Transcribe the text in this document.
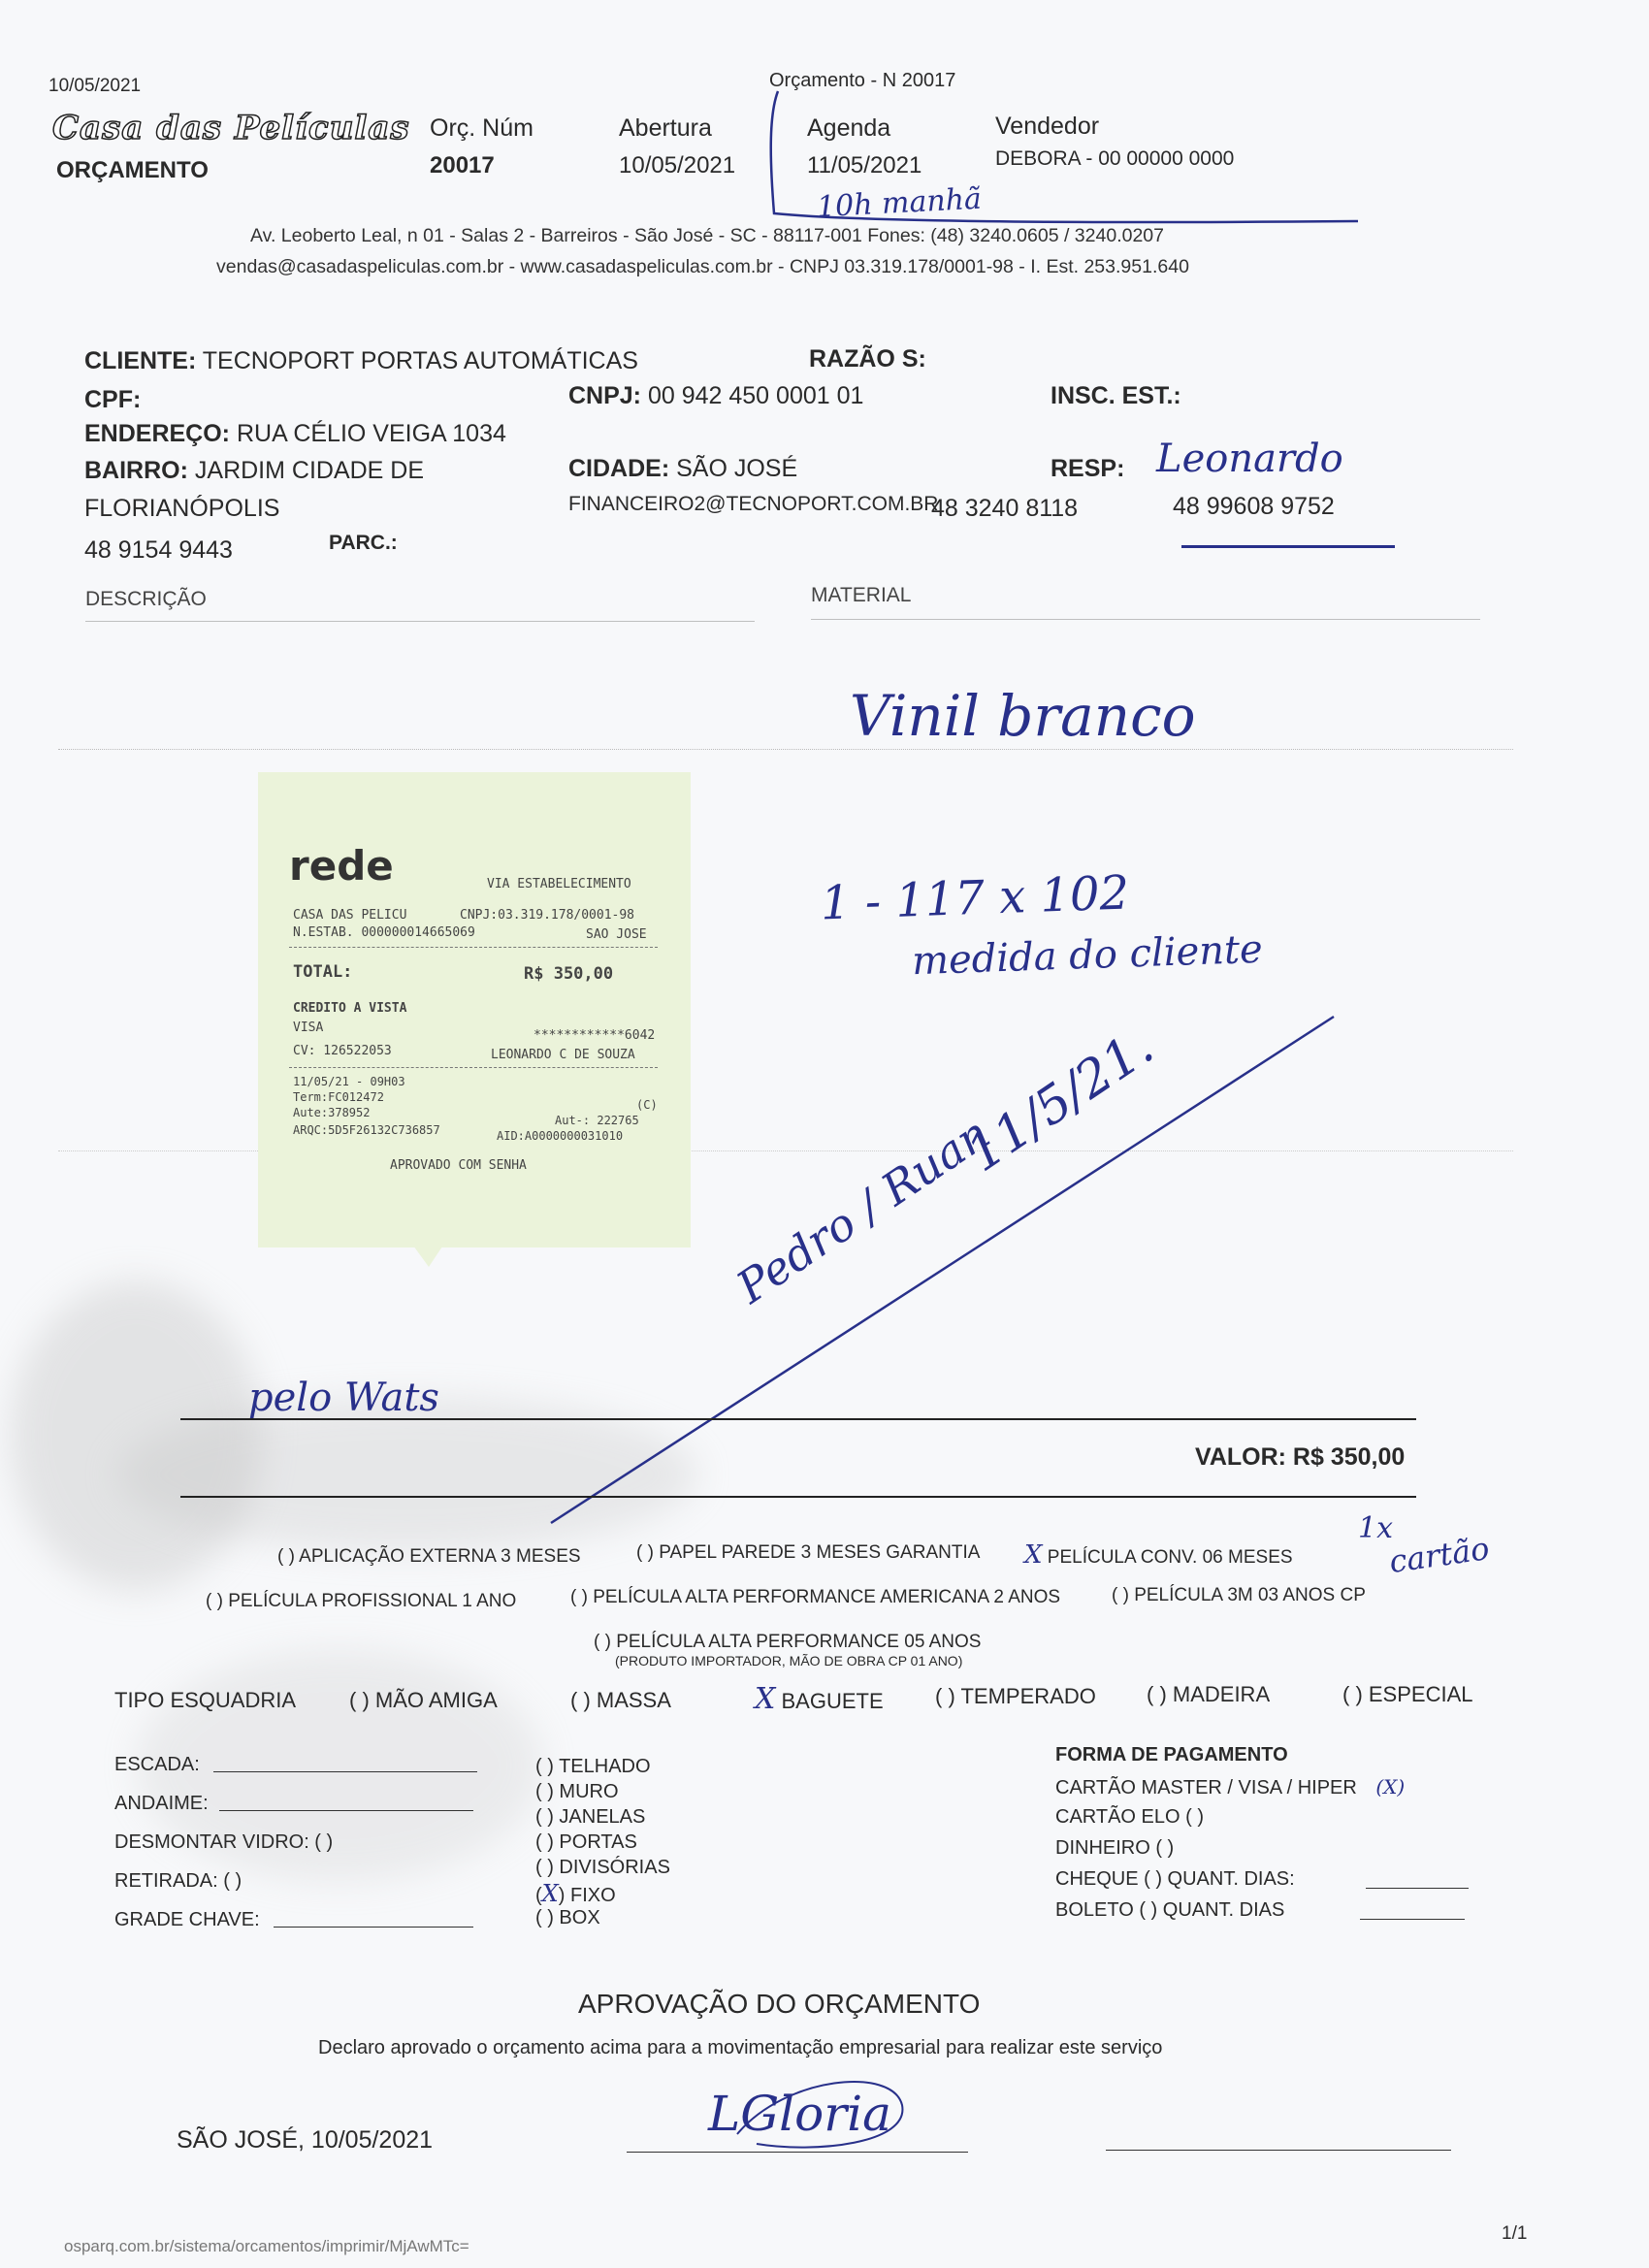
10/05/2021	Orçamento - N 20017
Casa das Películas
ORÇAMENTO
Orç. Núm
20017
Abertura
10/05/2021
Agenda
11/05/2021
Vendedor
DEBORA - 00 00000 0000
10h manhã
Av. Leoberto Leal, n 01 - Salas 2 - Barreiros - São José - SC - 88117-001 Fones: (48) 3240.0605 / 3240.0207
vendas@casadaspeliculas.com.br - www.casadaspeliculas.com.br - CNPJ 03.319.178/0001-98 - I. Est. 253.951.640
CLIENTE: TECNOPORT PORTAS AUTOMÁTICAS	RAZÃO S:
CPF:	CNPJ: 00 942 450 0001 01	INSC. EST.:
ENDEREÇO: RUA CÉLIO VEIGA 1034
BAIRRO: JARDIM CIDADE DE
FLORIANÓPOLIS
CIDADE: SÃO JOSÉ	RESP: Leonardo
FINANCEIRO2@TECNOPORT.COM.BR
48 3240 8118	48 99608 9752
48 9154 9443	PARC.:
DESCRIÇÃO	MATERIAL
Vinil branco
1 - 117 x 102
medida do cliente
Pedro / Ruan
11/5/21.
pelo Wats
rede	VIA ESTABELECIMENTO
CASA DAS PELICU	CNPJ:03.319.178/0001-98
N.ESTAB. 000000014665069	SAO JOSE
TOTAL:	R$ 350,00
CREDITO A VISTA
VISA
************6042
CV: 126522053	LEONARDO C DE SOUZA
11/05/21 - 09H03
Term:FC012472
(C)
Aute:378952
Aut-: 222765
ARQC:5D5F26132C736857	AID:A0000000031010
APROVADO COM SENHA
VALOR: R$ 350,00
( ) APLICAÇÃO EXTERNA 3 MESES	( ) PAPEL PAREDE 3 MESES GARANTIA X PELÍCULA CONV. 06 MESES
1x
cartão
( ) PELÍCULA PROFISSIONAL 1 ANO	( ) PELÍCULA ALTA PERFORMANCE AMERICANA 2 ANOS	( ) PELÍCULA 3M 03 ANOS CP
( ) PELÍCULA ALTA PERFORMANCE 05 ANOS
(PRODUTO IMPORTADOR, MÃO DE OBRA CP 01 ANO)
TIPO ESQUADRIA ( ) MÃO AMIGA	( ) MASSA	X BAGUETE ( ) TEMPERADO ( ) MADEIRA	( ) ESPECIAL
ESCADA:
ANDAIME:
DESMONTAR VIDRO: ( )
RETIRADA: ( )
GRADE CHAVE:
( ) TELHADO
( ) MURO
( ) JANELAS
( ) PORTAS
( ) DIVISÓRIAS
(X) FIXO
( ) BOX
FORMA DE PAGAMENTO
CARTÃO MASTER / VISA / HIPER (X)
CARTÃO ELO ( )
DINHEIRO ( )
CHEQUE ( ) QUANT. DIAS:
BOLETO ( ) QUANT. DIAS
APROVAÇÃO DO ORÇAMENTO
Declaro aprovado o orçamento acima para a movimentação empresarial para realizar este serviço
SÃO JOSÉ, 10/05/2021	LGloria
osparq.com.br/sistema/orcamentos/imprimir/MjAwMTc=
1/1
